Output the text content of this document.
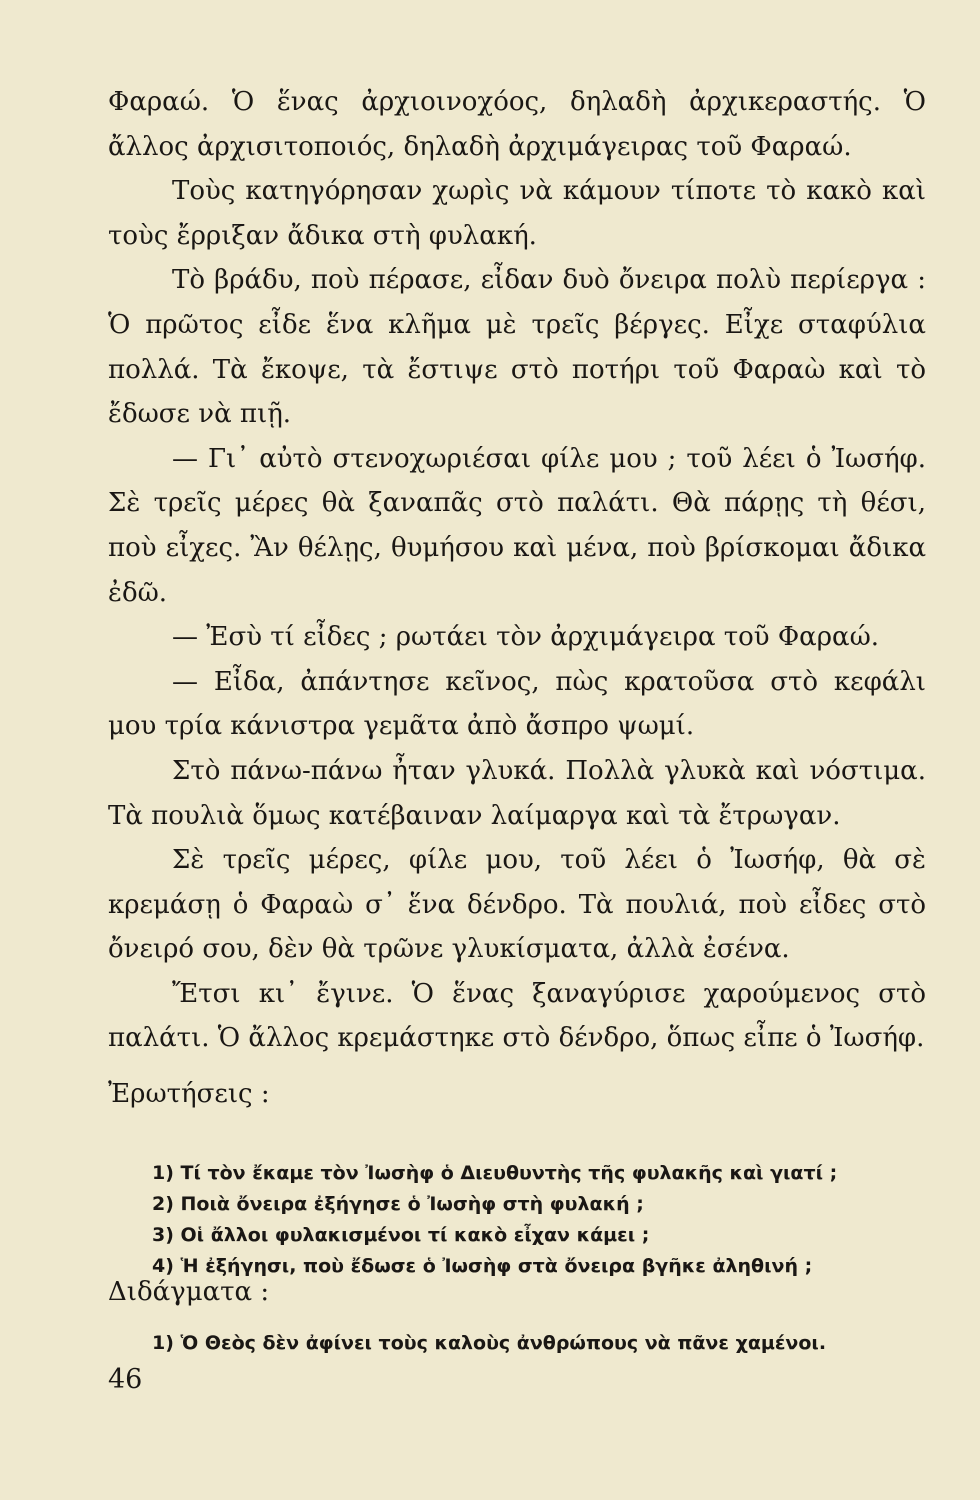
Φαραώ. Ὁ ἕνας ἀρχιοινοχόος, δηλαδὴ ἀρχικεραστής. Ὁ ἄλλος ἀρχισιτοποιός, δηλαδὴ ἀρχιμάγειρας τοῦ Φαραώ.

Τοὺς κατηγόρησαν χωρὶς νὰ κάμουν τίποτε τὸ κακὸ καὶ τοὺς ἔρριξαν ἄδικα στὴ φυλακή.

Τὸ βράδυ, ποὺ πέρασε, εἶδαν δυὸ ὄνειρα πολὺ περίεργα : Ὁ πρῶτος εἶδε ἕνα κλῆμα μὲ τρεῖς βέργες. Εἶχε σταφύλια πολλά. Τὰ ἔκοψε, τὰ ἔστιψε στὸ ποτήρι τοῦ Φαραὼ καὶ τὸ ἔδωσε νὰ πιῇ.

— Γι᾽ αὐτὸ στενοχωριέσαι φίλε μου ; τοῦ λέει ὁ Ἰωσήφ. Σὲ τρεῖς μέρες θὰ ξαναπᾶς στὸ παλάτι. Θὰ πάρῃς τὴ θέσι, ποὺ εἶχες. Ἂν θέλῃς, θυμήσου καὶ μένα, ποὺ βρίσκομαι ἄδικα ἐδῶ.

— Ἐσὺ τί εἶδες ; ρωτάει τὸν ἀρχιμάγειρα τοῦ Φαραώ.

— Εἶδα, ἀπάντησε κεῖνος, πὼς κρατοῦσα στὸ κεφάλι μου τρία κάνιστρα γεμᾶτα ἀπὸ ἄσπρο ψωμί.

Στὸ πάνω-πάνω ἦταν γλυκά. Πολλὰ γλυκὰ καὶ νόστιμα. Τὰ πουλιὰ ὅμως κατέβαιναν λαίμαργα καὶ τὰ ἔτρωγαν.

Σὲ τρεῖς μέρες, φίλε μου, τοῦ λέει ὁ Ἰωσήφ, θὰ σὲ κρεμάσῃ ὁ Φαραὼ σ᾽ ἕνα δένδρο. Τὰ πουλιά, ποὺ εἶδες στὸ ὄνειρό σου, δὲν θὰ τρῶνε γλυκίσματα, ἀλλὰ ἐσένα.

Ἔτσι κι᾽ ἔγινε. Ὁ ἕνας ξαναγύρισε χαρούμενος στὸ παλάτι. Ὁ ἄλλος κρεμάστηκε στὸ δένδρο, ὅπως εἶπε ὁ Ἰωσήφ.

Ἐρωτήσεις :
1) Τί τὸν ἔκαμε τὸν Ἰωσὴφ ὁ Διευθυντὴς τῆς φυλακῆς καὶ γιατί ;
2) Ποιὰ ὄνειρα ἐξήγησε ὁ Ἰωσὴφ στὴ φυλακή ;
3) Οἱ ἄλλοι φυλακισμένοι τί κακὸ εἶχαν κάμει ;
4) Ἡ ἐξήγησι, ποὺ ἔδωσε ὁ Ἰωσὴφ στὰ ὄνειρα βγῆκε ἀληθινή ;
Διδάγματα :
1) Ὁ Θεὸς δὲν ἀφίνει τοὺς καλοὺς ἀνθρώπους νὰ πᾶνε χαμένοι.
46
